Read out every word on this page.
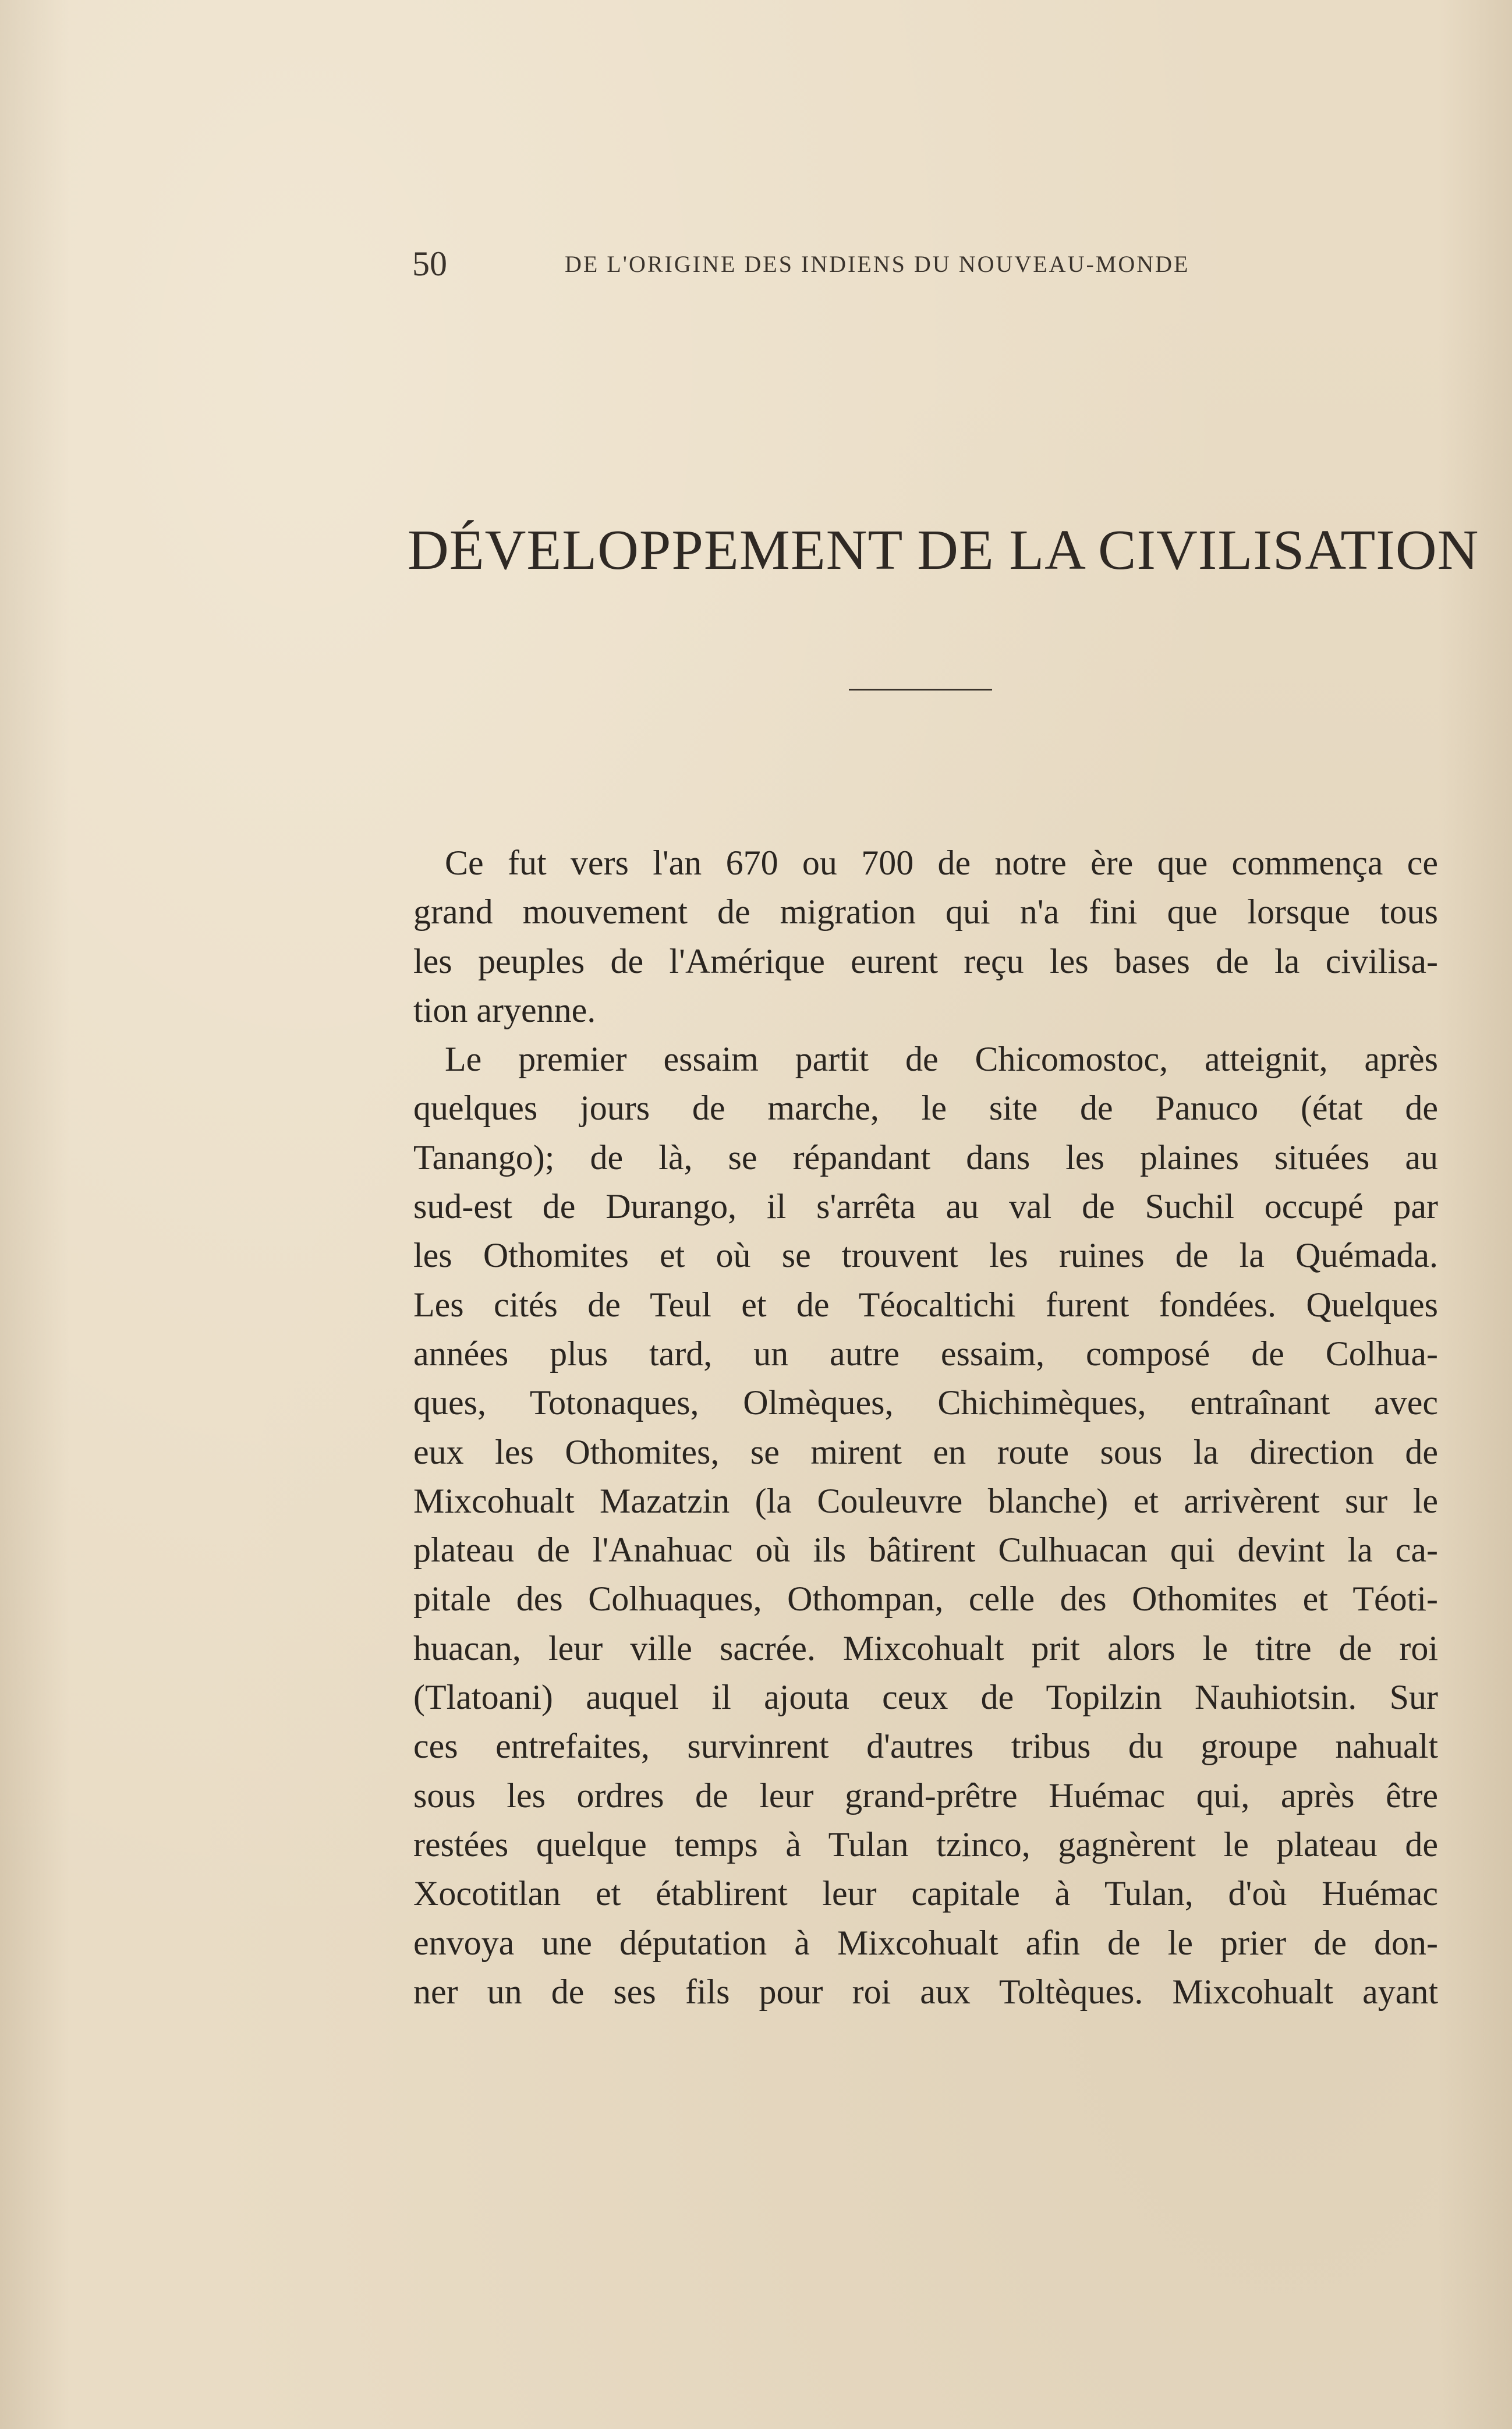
50	DE L'ORIGINE DES INDIENS DU NOUVEAU-MONDE
DÉVELOPPEMENT DE LA CIVILISATION
Ce fut vers l'an 670 ou 700 de notre ère que commença ce
grand mouvement de migration qui n'a fini que lorsque tous
les peuples de l'Amérique eurent reçu les bases de la civilisa-
tion aryenne.
Le premier essaim partit de Chicomostoc, atteignit, après
quelques jours de marche, le site de Panuco (état de
Tanango); de là, se répandant dans les plaines situées au
sud-est de Durango, il s'arrêta au val de Suchil occupé par
les Othomites et où se trouvent les ruines de la Quémada.
Les cités de Teul et de Téocaltichi furent fondées. Quelques
années plus tard, un autre essaim, composé de Colhua-
ques, Totonaques, Olmèques, Chichimèques, entraînant avec
eux les Othomites, se mirent en route sous la direction de
Mixcohualt Mazatzin (la Couleuvre blanche) et arrivèrent sur le
plateau de l'Anahuac où ils bâtirent Culhuacan qui devint la ca-
pitale des Colhuaques, Othompan, celle des Othomites et Téoti-
huacan, leur ville sacrée. Mixcohualt prit alors le titre de roi
(Tlatoani) auquel il ajouta ceux de Topilzin Nauhiotsin. Sur
ces entrefaites, survinrent d'autres tribus du groupe nahualt
sous les ordres de leur grand-prêtre Huémac qui, après être
restées quelque temps à Tulan tzinco, gagnèrent le plateau de
Xocotitlan et établirent leur capitale à Tulan, d'où Huémac
envoya une députation à Mixcohualt afin de le prier de don-
ner un de ses fils pour roi aux Toltèques. Mixcohualt ayant
